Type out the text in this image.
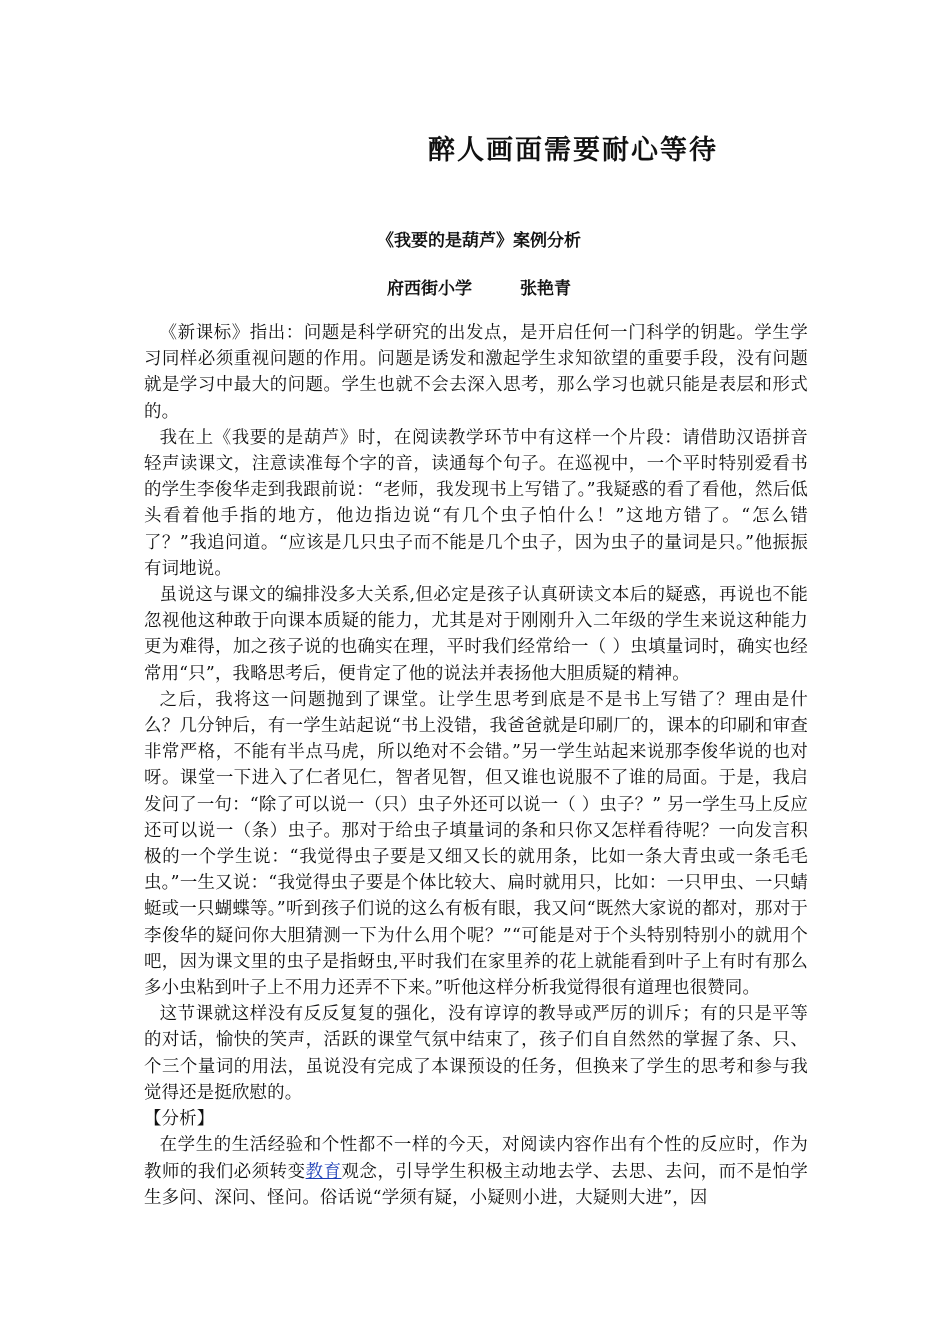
醉人画面需要耐心等待
《我要的是葫芦》案例分析
府西街小学	张艳青

《新课标》指出：问题是科学研究的出发点，是开启任何一门科学的钥匙。学生学习同样必须重视问题的作用。问题是诱发和激起学生求知欲望的重要手段，没有问题就是学习中最大的问题。学生也就不会去深入思考，那么学习也就只能是表层和形式的。

我在上《我要的是葫芦》时，在阅读教学环节中有这样一个片段：请借助汉语拼音轻声读课文，注意读准每个字的音，读通每个句子。在巡视中，一个平时特别爱看书的学生李俊华走到我跟前说：“老师，我发现书上写错了。”我疑惑的看了看他，然后低头看着他手指的地方，他边指边说“有几个虫子怕什么！”这地方错了。“怎么错了？”我追问道。“应该是几只虫子而不能是几个虫子，因为虫子的量词是只。”他振振有词地说。

虽说这与课文的编排没多大关系,但必定是孩子认真研读文本后的疑惑，再说也不能忽视他这种敢于向课本质疑的能力，尤其是对于刚刚升入二年级的学生来说这种能力更为难得，加之孩子说的也确实在理，平时我们经常给一（ ）虫填量词时，确实也经常用“只”，我略思考后，便肯定了他的说法并表扬他大胆质疑的精神。

之后，我将这一问题抛到了课堂。让学生思考到底是不是书上写错了？理由是什么？几分钟后，有一学生站起说“书上没错，我爸爸就是印刷厂的，课本的印刷和审查非常严格，不能有半点马虎，所以绝对不会错。”另一学生站起来说那李俊华说的也对呀。课堂一下进入了仁者见仁，智者见智，但又谁也说服不了谁的局面。于是，我启发问了一句：“除了可以说一（只）虫子外还可以说一（ ）虫子？” 另一学生马上反应还可以说一（条）虫子。那对于给虫子填量词的条和只你又怎样看待呢？一向发言积极的一个学生说：“我觉得虫子要是又细又长的就用条，比如一条大青虫或一条毛毛虫。”一生又说：“我觉得虫子要是个体比较大、扁时就用只，比如：一只甲虫、一只蜻蜓或一只蝴蝶等。”听到孩子们说的这么有板有眼，我又问“既然大家说的都对，那对于李俊华的疑问你大胆猜测一下为什么用个呢？”“可能是对于个头特别特别小的就用个吧，因为课文里的虫子是指蚜虫,平时我们在家里养的花上就能看到叶子上有时有那么多小虫粘到叶子上不用力还弄不下来。”听他这样分析我觉得很有道理也很赞同。

这节课就这样没有反反复复的强化，没有谆谆的教导或严厉的训斥；有的只是平等的对话，愉快的笑声，活跃的课堂气氛中结束了，孩子们自自然然的掌握了条、只、个三个量词的用法，虽说没有完成了本课预设的任务，但换来了学生的思考和参与我觉得还是挺欣慰的。

【分析】

在学生的生活经验和个性都不一样的今天，对阅读内容作出有个性的反应时，作为教师的我们必须转变教育观念，引导学生积极主动地去学、去思、去问，而不是怕学生多问、深问、怪问。俗话说“学须有疑，小疑则小进，大疑则大进”，因
